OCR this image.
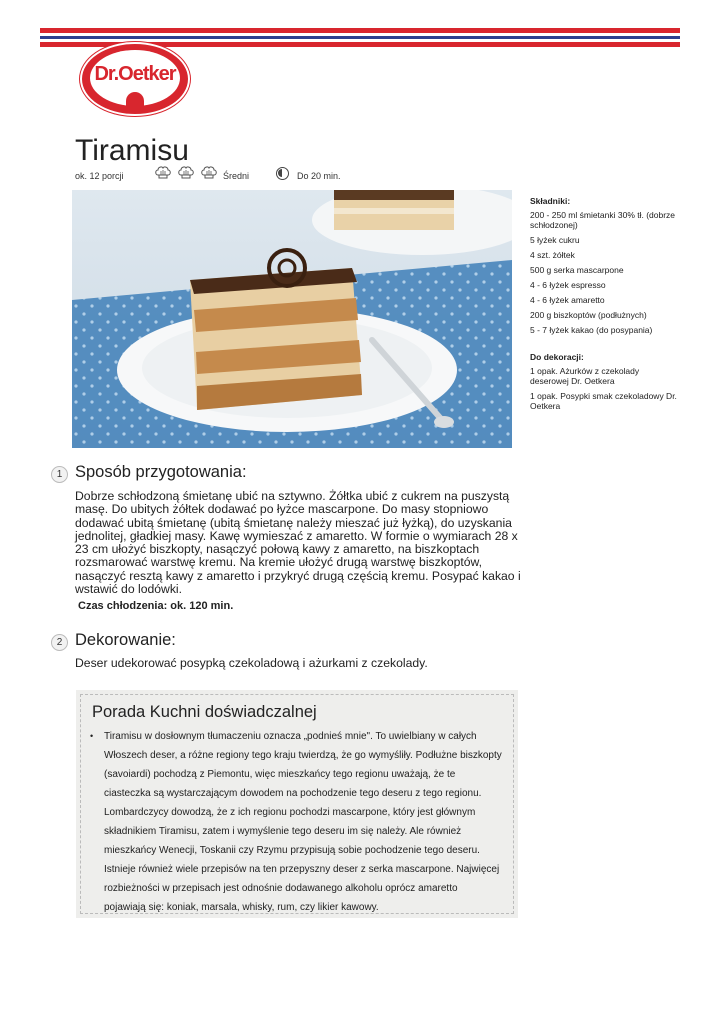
Dr.Oetker
Tiramisu
ok. 12 porcji	Średni	Do 20 min.
Składniki:
200 - 250 ml śmietanki 30% tł. (dobrze schłodzonej)
5 łyżek cukru
4 szt. żółtek
500 g serka mascarpone
4 - 6 łyżek espresso
4 - 6 łyżek amaretto
200 g biszkoptów (podłużnych)
5 - 7 łyżek kakao (do posypania)
Do dekoracji:
1 opak. Ażurków z czekolady deserowej Dr. Oetkera
1 opak. Posypki smak czekoladowy Dr. Oetkera
1 Sposób przygotowania:
Dobrze schłodzoną śmietanę ubić na sztywno. Żółtka ubić z cukrem na puszystą masę. Do ubitych żółtek dodawać po łyżce mascarpone. Do masy stopniowo dodawać ubitą śmietanę (ubitą śmietanę należy mieszać już łyżką), do uzyskania jednolitej, gładkiej masy. Kawę wymieszać z amaretto. W formie o wymiarach 28 x 23 cm ułożyć biszkopty, nasączyć połową kawy z amaretto, na biszkoptach rozsmarować warstwę kremu. Na kremie ułożyć drugą warstwę biszkoptów, nasączyć resztą kawy z amaretto i przykryć drugą częścią kremu. Posypać kakao i wstawić do lodówki.
Czas chłodzenia: ok. 120 min.
2 Dekorowanie:
Deser udekorować posypką czekoladową i ażurkami z czekolady.
Porada Kuchni doświadczalnej
• Tiramisu w dosłownym tłumaczeniu oznacza „podnieś mnie". To uwielbiany w całych Włoszech deser, a różne regiony tego kraju twierdzą, że go wymyśliły. Podłużne biszkopty (savoiardi) pochodzą z Piemontu, więc mieszkańcy tego regionu uważają, że te ciasteczka są wystarczającym dowodem na pochodzenie tego deseru z tego regionu. Lombardczycy dowodzą, że z ich regionu pochodzi mascarpone, który jest głównym składnikiem Tiramisu, zatem i wymyślenie tego deseru im się należy. Ale również mieszkańcy Wenecji, Toskanii czy Rzymu przypisują sobie pochodzenie tego deseru. Istnieje również wiele przepisów na ten przepyszny deser z serka mascarpone. Najwięcej rozbieżności w przepisach jest odnośnie dodawanego alkoholu oprócz amaretto pojawiają się: koniak, marsala, whisky, rum, czy likier kawowy.
